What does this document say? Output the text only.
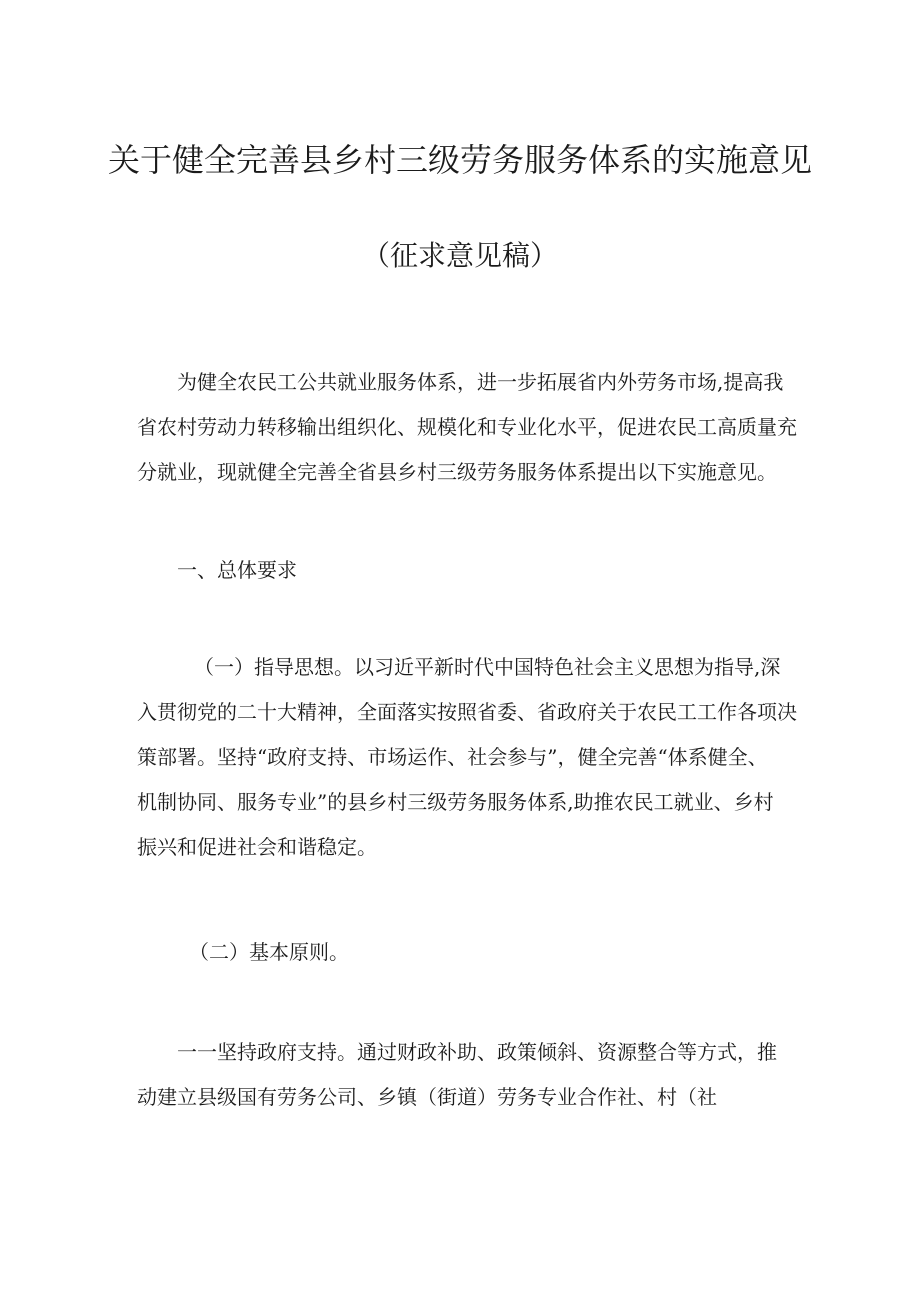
关于健全完善县乡村三级劳务服务体系的实施意见
（征求意见稿）
为健全农民工公共就业服务体系，进一步拓展省内外劳务市场,提高我
省农村劳动力转移输出组织化、规模化和专业化水平，促进农民工高质量充
分就业，现就健全完善全省县乡村三级劳务服务体系提出以下实施意见。
一、总体要求
（一）指导思想。以习近平新时代中国特色社会主义思想为指导,深
入贯彻党的二十大精神，全面落实按照省委、省政府关于农民工工作各项决
策部署。坚持“政府支持、市场运作、社会参与”，健全完善“体系健全、
机制协同、服务专业”的县乡村三级劳务服务体系,助推农民工就业、乡村
振兴和促进社会和谐稳定。
（二）基本原则。
一一坚持政府支持。通过财政补助、政策倾斜、资源整合等方式，推
动建立县级国有劳务公司、乡镇（街道）劳务专业合作社、村（社
